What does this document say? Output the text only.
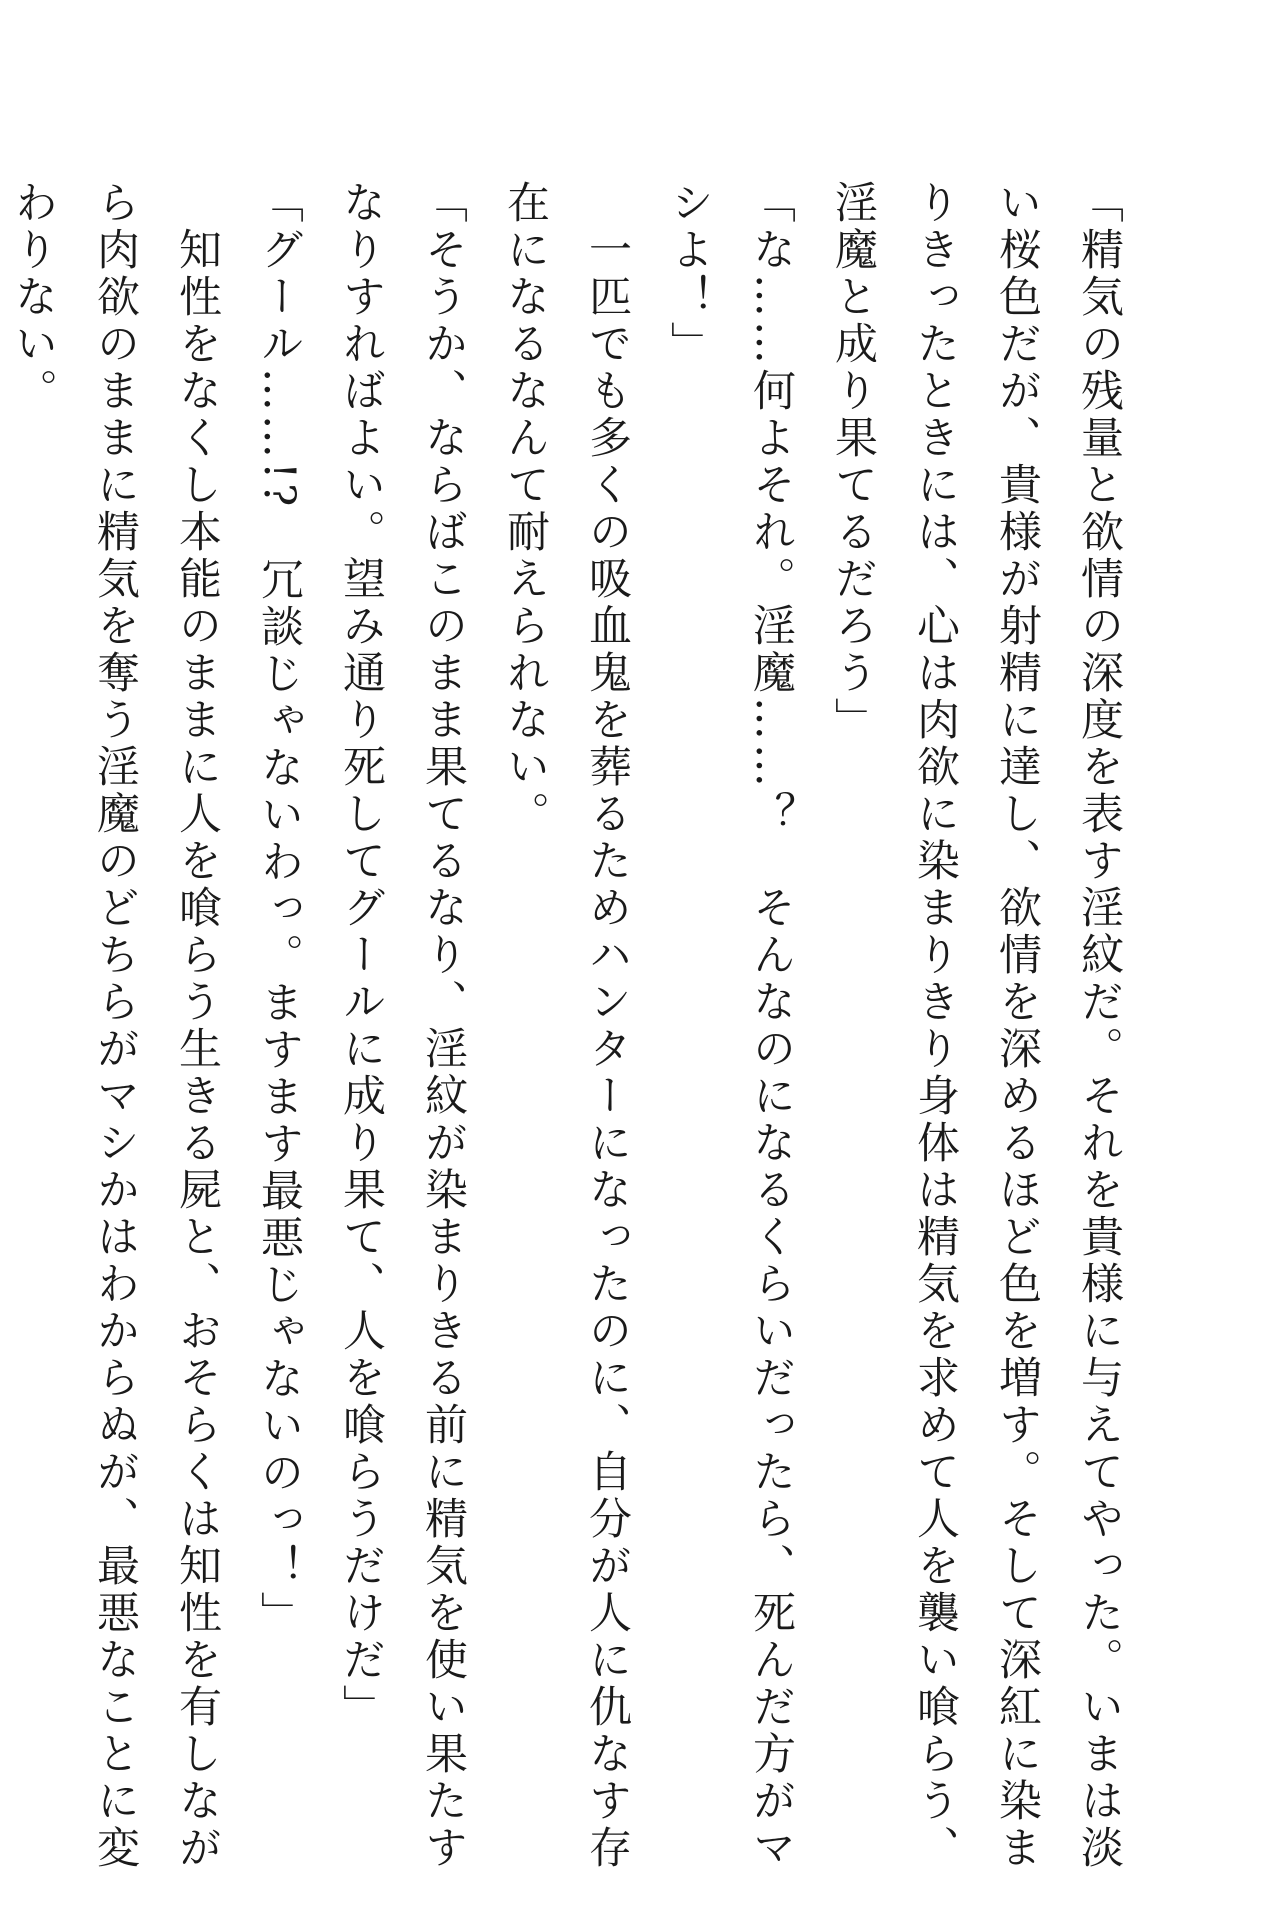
「精気の残量と欲情の深度を表す淫紋だ。それを貴様に与えてやった。いまは淡
い桜色だが、貴様が射精に達し、欲情を深めるほど色を増す。そして深紅に染ま
りきったときには、心は肉欲に染まりきり身体は精気を求めて人を襲い喰らう、
淫魔と成り果てるだろう」
「な……何よそれ。淫魔……？　そんなのになるくらいだったら、死んだ方がマ
シよ！」
　一匹でも多くの吸血鬼を葬るためハンターになったのに、自分が人に仇なす存
在になるなんて耐えられない。
「そうか、ならばこのまま果てるなり、淫紋が染まりきる前に精気を使い果たす
なりすればよい。望み通り死してグールに成り果て、人を喰らうだけだ」
「グール……!?　冗談じゃないわっ。ますます最悪じゃないのっ！」
　知性をなくし本能のままに人を喰らう生きる屍と、おそらくは知性を有しなが
ら肉欲のままに精気を奪う淫魔のどちらがマシかはわからぬが、最悪なことに変
わりない。
